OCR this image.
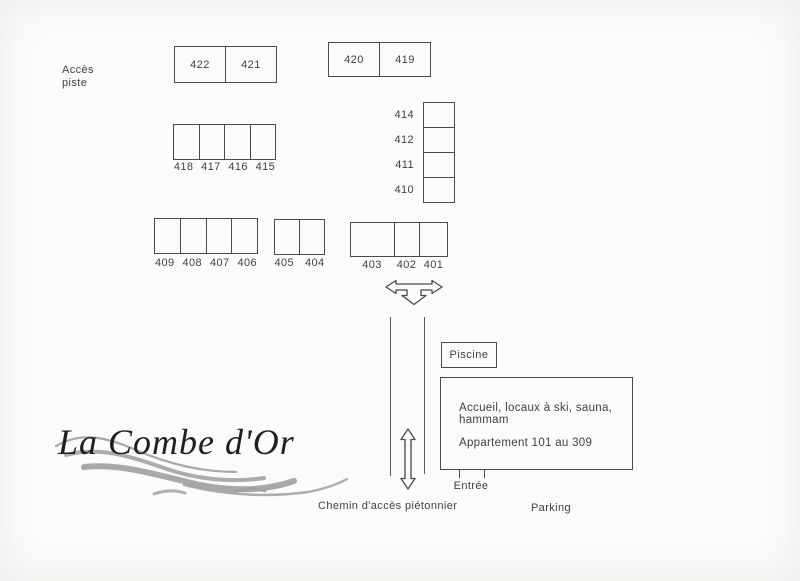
Accès
piste
422	421	420	419
414
412
411
410
418 417 416 415
409 408 407 406	405 404	403	402 401
Piscine
Accueil, locaux à ski, sauna, hammam
Appartement 101 au 309
Entrée
Chemin d'accès piétonnier	Parking
La Combe d'Or
